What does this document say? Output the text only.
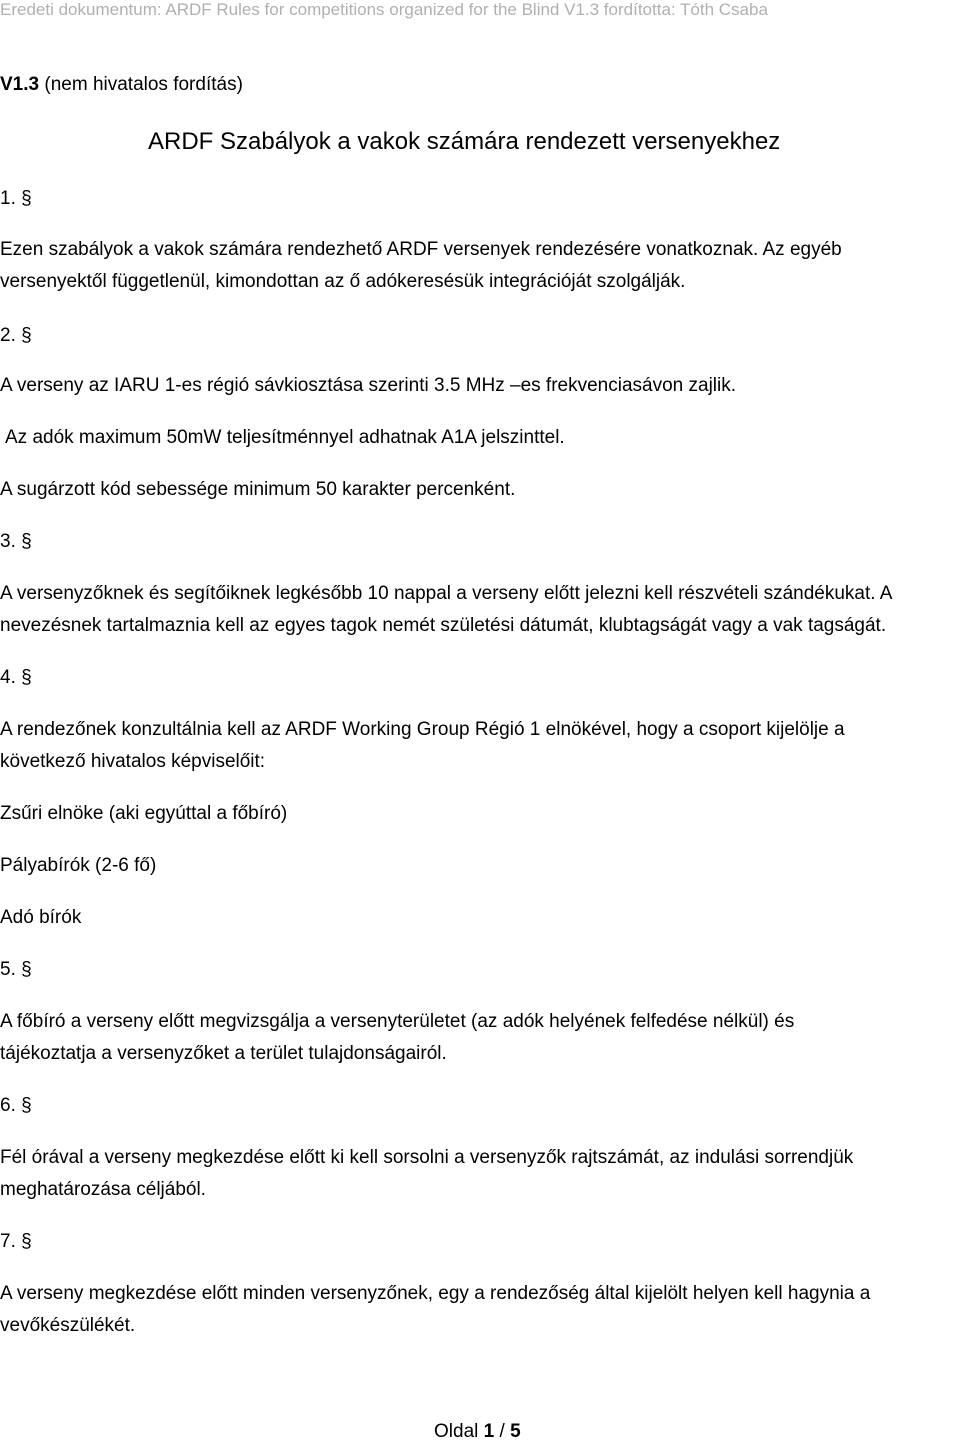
Eredeti dokumentum: ARDF Rules for competitions organized for the Blind V1.3 fordította: Tóth Csaba
V1.3 (nem hivatalos fordítás)
ARDF Szabályok a vakok számára rendezett versenyekhez
1. §
Ezen szabályok a vakok számára rendezhető ARDF versenyek rendezésére vonatkoznak. Az egyéb
versenyektől függetlenül, kimondottan az ő adókeresésük integrációját szolgálják.
2. §
A verseny az IARU 1-es régió sávkiosztása szerinti 3.5 MHz –es frekvenciasávon zajlik.
Az adók maximum 50mW teljesítménnyel adhatnak A1A jelszinttel.
A sugárzott kód sebessége minimum 50 karakter percenként.
3. §
A versenyzőknek és segítőiknek legkésőbb 10 nappal a verseny előtt jelezni kell részvételi szándékukat. A
nevezésnek tartalmaznia kell az egyes tagok nemét születési dátumát, klubtagságát vagy a vak tagságát.
4. §
A rendezőnek konzultálnia kell az ARDF Working Group Régió 1 elnökével, hogy a csoport kijelölje a
következő hivatalos képviselőit:
Zsűri elnöke (aki egyúttal a főbíró)
Pályabírók (2-6 fő)
Adó bírók
5. §
A főbíró a verseny előtt megvizsgálja a versenyterületet (az adók helyének felfedése nélkül) és
tájékoztatja a versenyzőket a terület tulajdonságairól.
6. §
Fél órával a verseny megkezdése előtt ki kell sorsolni a versenyzők rajtszámát, az indulási sorrendjük
meghatározása céljából.
7. §
A verseny megkezdése előtt minden versenyzőnek, egy a rendezőség által kijelölt helyen kell hagynia a
vevőkészülékét.
Oldal 1 / 5
